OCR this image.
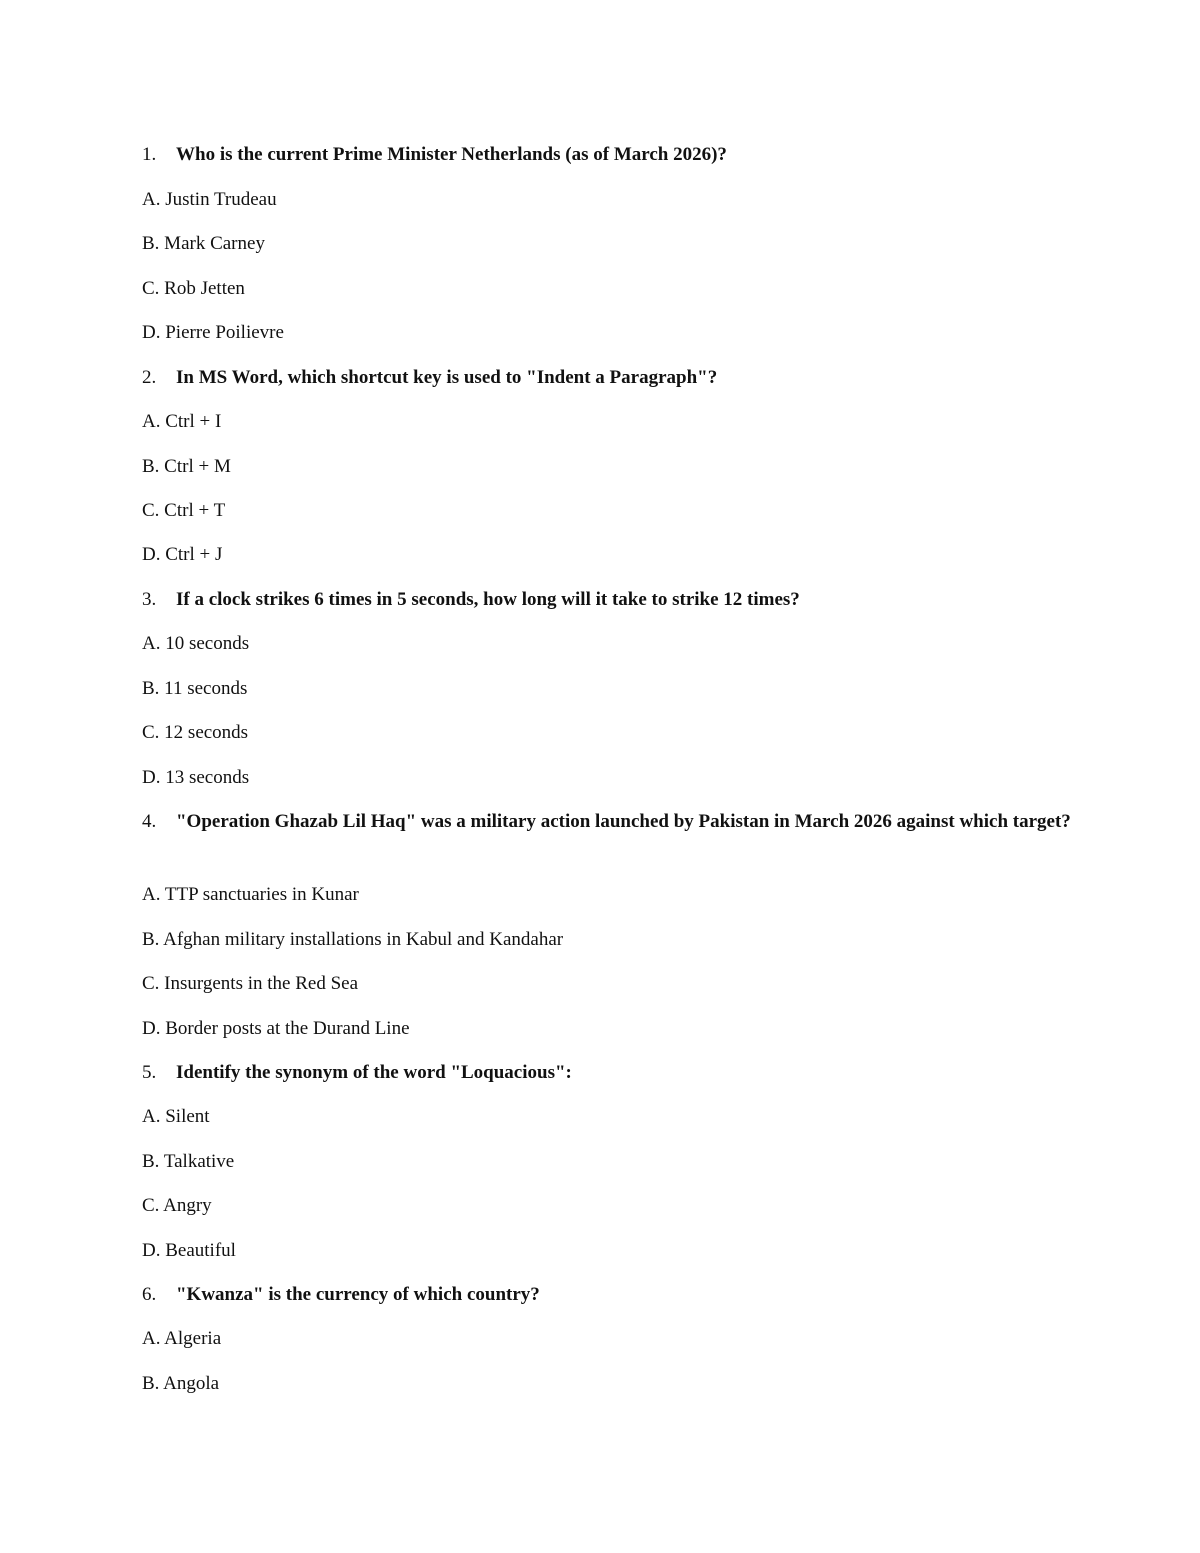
1. Who is the current Prime Minister Netherlands (as of March 2026)?
A. Justin Trudeau
B. Mark Carney
C. Rob Jetten
D. Pierre Poilievre
2. In MS Word, which shortcut key is used to "Indent a Paragraph"?
A. Ctrl + I
B. Ctrl + M
C. Ctrl + T
D. Ctrl + J
3. If a clock strikes 6 times in 5 seconds, how long will it take to strike 12 times?
A. 10 seconds
B. 11 seconds
C. 12 seconds
D. 13 seconds
4. "Operation Ghazab Lil Haq" was a military action launched by Pakistan in March 2026 against which target?
A. TTP sanctuaries in Kunar
B. Afghan military installations in Kabul and Kandahar
C. Insurgents in the Red Sea
D. Border posts at the Durand Line
5. Identify the synonym of the word "Loquacious":
A. Silent
B. Talkative
C. Angry
D. Beautiful
6. "Kwanza" is the currency of which country?
A. Algeria
B. Angola
